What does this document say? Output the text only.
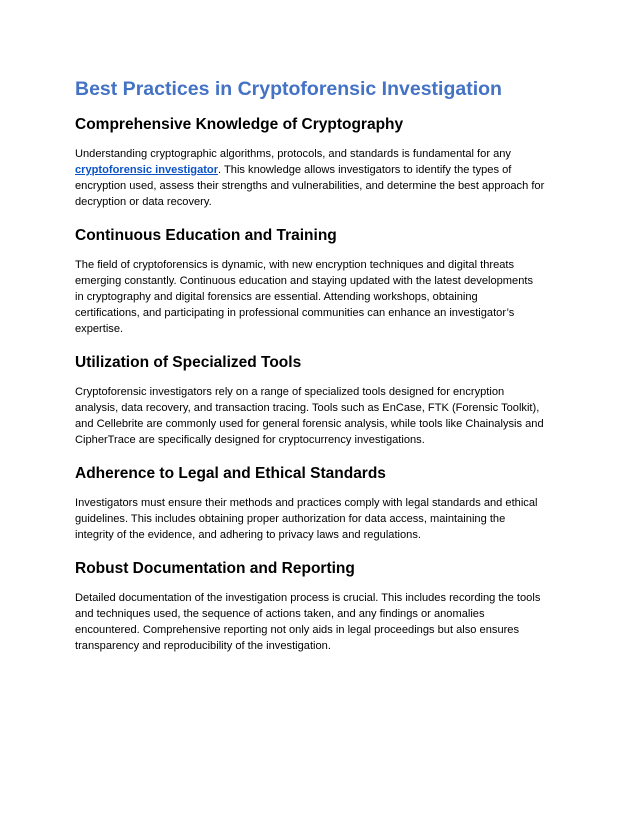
Best Practices in Cryptoforensic Investigation
Comprehensive Knowledge of Cryptography
Understanding cryptographic algorithms, protocols, and standards is fundamental for any
cryptoforensic investigator. This knowledge allows investigators to identify the types of
encryption used, assess their strengths and vulnerabilities, and determine the best approach for
decryption or data recovery.
Continuous Education and Training
The field of cryptoforensics is dynamic, with new encryption techniques and digital threats
emerging constantly. Continuous education and staying updated with the latest developments
in cryptography and digital forensics are essential. Attending workshops, obtaining
certifications, and participating in professional communities can enhance an investigator’s
expertise.
Utilization of Specialized Tools
Cryptoforensic investigators rely on a range of specialized tools designed for encryption
analysis, data recovery, and transaction tracing. Tools such as EnCase, FTK (Forensic Toolkit),
and Cellebrite are commonly used for general forensic analysis, while tools like Chainalysis and
CipherTrace are specifically designed for cryptocurrency investigations.
Adherence to Legal and Ethical Standards
Investigators must ensure their methods and practices comply with legal standards and ethical
guidelines. This includes obtaining proper authorization for data access, maintaining the
integrity of the evidence, and adhering to privacy laws and regulations.
Robust Documentation and Reporting
Detailed documentation of the investigation process is crucial. This includes recording the tools
and techniques used, the sequence of actions taken, and any findings or anomalies
encountered. Comprehensive reporting not only aids in legal proceedings but also ensures
transparency and reproducibility of the investigation.
